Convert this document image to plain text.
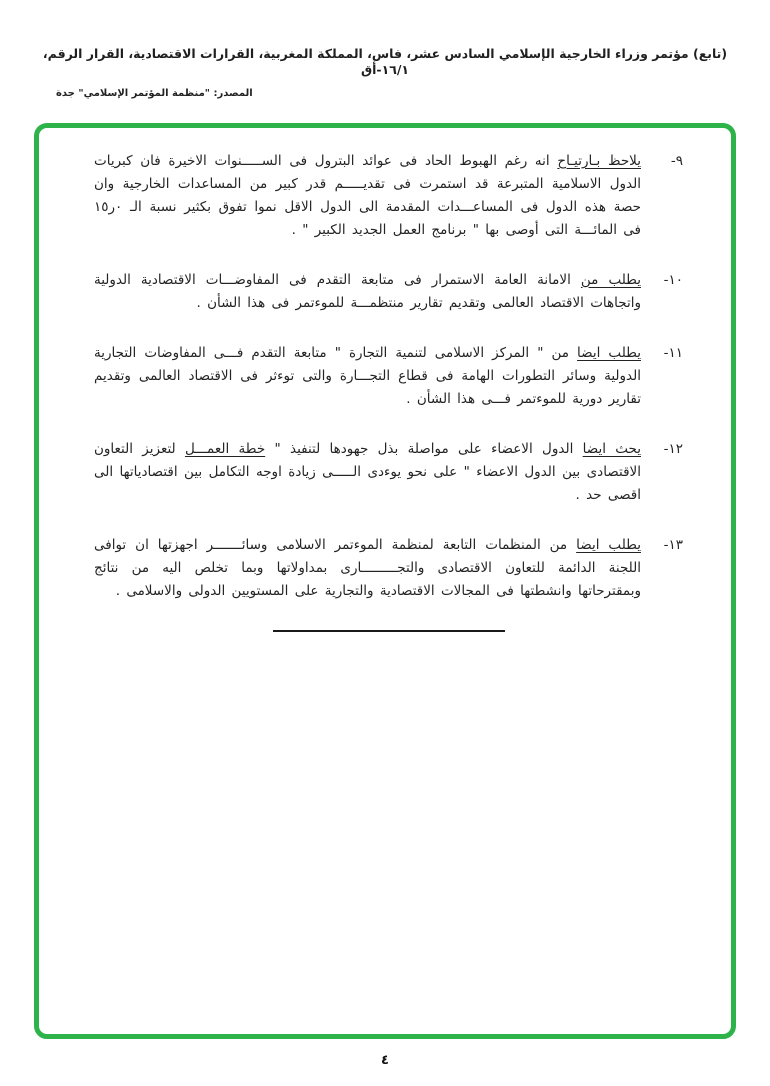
(تابع) مؤتمر وزراء الخارجية الإسلامي السادس عشر، فاس، المملكة المغربية، القرارات الاقتصادية، القرار الرقم، ١٦/١-أق
المصدر: "منظمة المؤتمر الإسلامي" جدة
٩-
يلاحظ بـارتيـاح انه رغم الهبوط الحاد فى عوائد البترول فى الســـــنوات الاخيرة فان كبريات الدول الاسلامية المتبرعة قد استمرت فى تقديـــــم قدر كبير من المساعدات الخارجية وان حصة هذه الدول فى المساعـــدات المقدمة الى الدول الاقل نموا تفوق بكثير نسبة الـ ٠ر١٥ فى المائـــة التى أوصى بها " برنامج العمل الجديد الكبير " .
١٠-
يطلب من الامانة العامة الاستمرار فى متابعة التقدم فى المفاوضـــات الاقتصادية الدولية واتجاهات الاقتصاد العالمى وتقديم تقارير منتظمـــة للموءتمر فى هذا الشأن .
١١-
يطلب ايضا من " المركز الاسلامى لتنمية التجارة " متابعة التقدم فـــى المفاوضات التجارية الدولية وسائر التطورات الهامة فى قطاع التجـــارة والتى توءثر فى الاقتصاد العالمى وتقديم تقارير دورية للموءتمر فـــى هذا الشأن .
١٢-
يحث ايضا الدول الاعضاء على مواصلة بذل جهودها لتنفيذ " خطة العمـــل لتعزيز التعاون الاقتصادى بين الدول الاعضاء " على نحو يوءدى الـــــى زيادة اوجه التكامل بين اقتصادياتها الى اقصى حد .
١٣-
يطلب ايضا من المنظمات التابعة لمنظمة الموءتمر الاسلامى وسائـــــــر اجهزتها ان توافى اللجنة الدائمة للتعاون الاقتصادى والتجـــــــــارى بمداولاتها وبما تخلص اليه من نتائج وبمقترحاتها وانشطتها فى المجالات الاقتصادية والتجارية على المستويين الدولى والاسلامى .
٤
